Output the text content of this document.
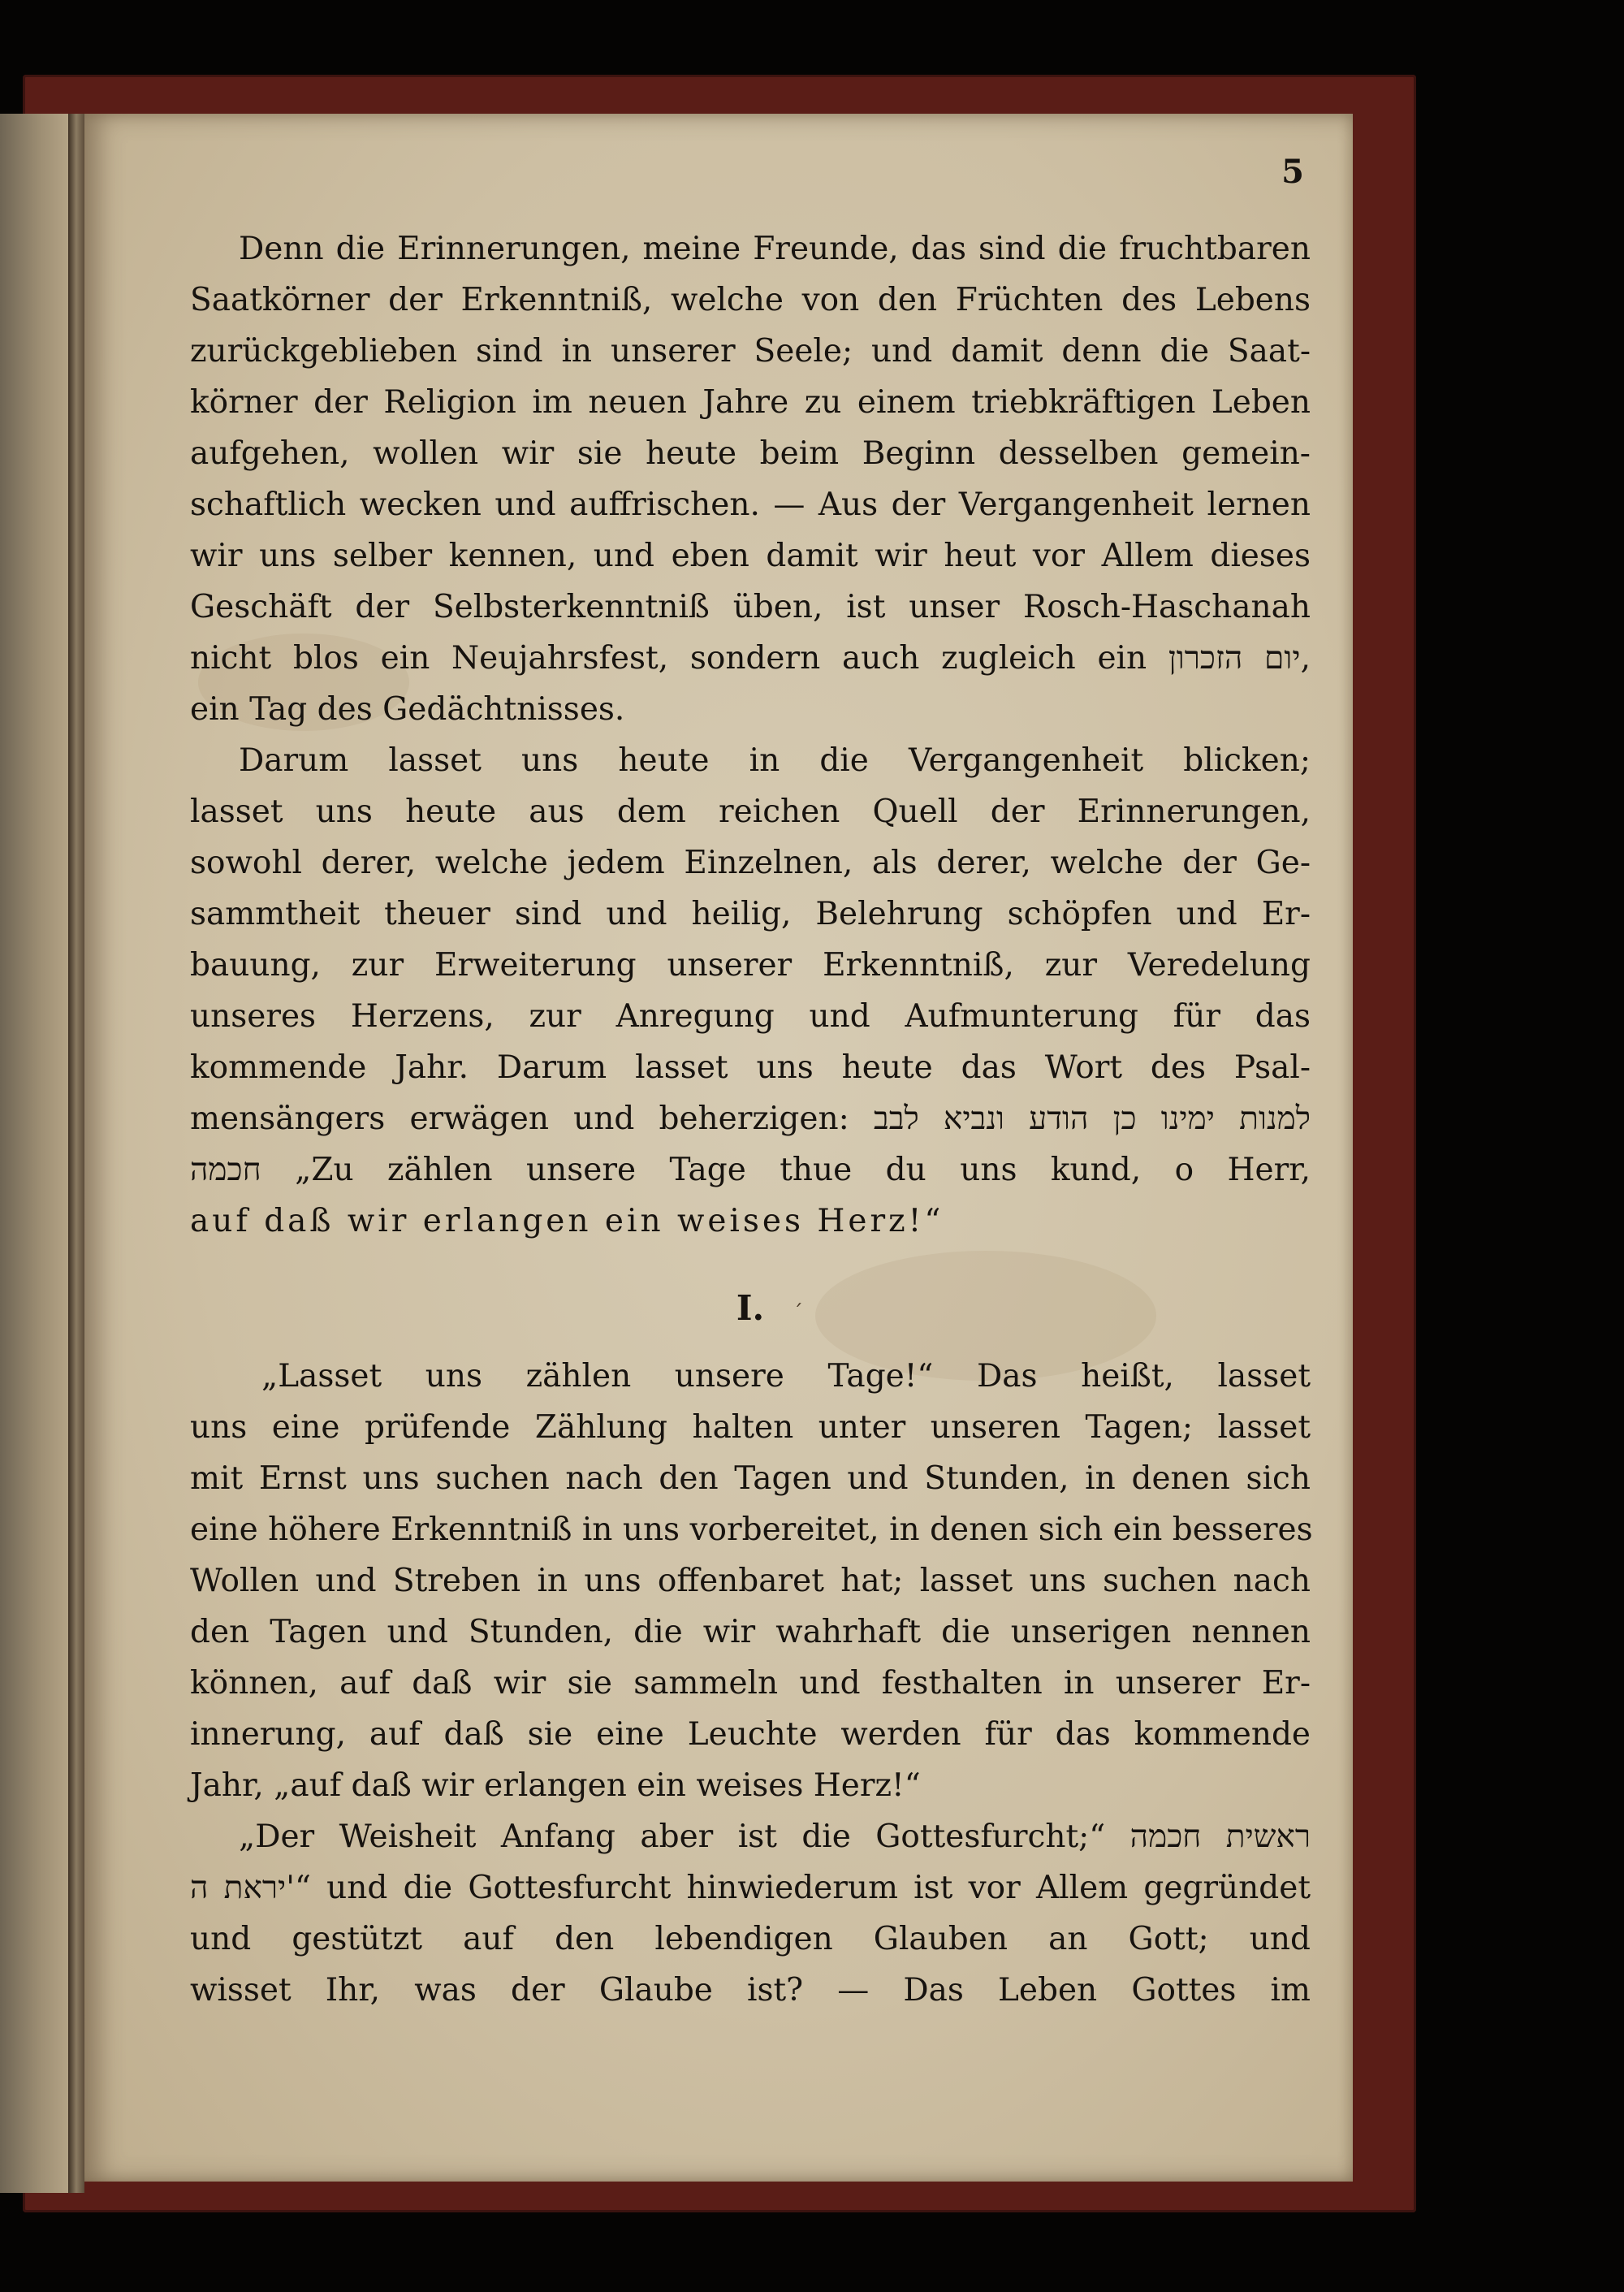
5
Denn die Erinnerungen, meine Freunde, das sind die fruchtbaren
Saatkörner der Erkenntniß, welche von den Früchten des Lebens
zurückgeblieben sind in unserer Seele; und damit denn die Saat-
körner der Religion im neuen Jahre zu einem triebkräftigen Leben
aufgehen, wollen wir sie heute beim Beginn desselben gemein-
schaftlich wecken und auffrischen. — Aus der Vergangenheit lernen
wir uns selber kennen, und eben damit wir heut vor Allem dieses
Geschäft der Selbsterkenntniß üben, ist unser Rosch-Haschanah
nicht blos ein Neujahrsfest, sondern auch zugleich ein יום הזכרון,
ein Tag des Gedächtnisses.
Darum lasset uns heute in die Vergangenheit blicken;
lasset uns heute aus dem reichen Quell der Erinnerungen,
sowohl derer, welche jedem Einzelnen, als derer, welche der Ge-
sammtheit theuer sind und heilig, Belehrung schöpfen und Er-
bauung, zur Erweiterung unserer Erkenntniß, zur Veredelung
unseres Herzens, zur Anregung und Aufmunterung für das
kommende Jahr. Darum lasset uns heute das Wort des Psal-
mensängers erwägen und beherzigen: למנות ימינו כן הודע ונביא לבב
חכמה „Zu zählen unsere Tage thue du uns kund, o Herr,
auf daß wir erlangen ein weises Herz!“
I.	ˊ
„Lasset uns zählen unsere Tage!“ Das heißt, lasset
uns eine prüfende Zählung halten unter unseren Tagen; lasset
mit Ernst uns suchen nach den Tagen und Stunden, in denen sich
eine höhere Erkenntniß in uns vorbereitet, in denen sich ein besseres
Wollen und Streben in uns offenbaret hat; lasset uns suchen nach
den Tagen und Stunden, die wir wahrhaft die unserigen nennen
können, auf daß wir sie sammeln und festhalten in unserer Er-
innerung, auf daß sie eine Leuchte werden für das kommende
Jahr, „auf daß wir erlangen ein weises Herz!“
„Der Weisheit Anfang aber ist die Gottesfurcht;“ ראשית חכמה
יראת ה'“ und die Gottesfurcht hinwiederum ist vor Allem gegründet
und gestützt auf den lebendigen Glauben an Gott; und
wisset Ihr, was der Glaube ist? — Das Leben Gottes im
